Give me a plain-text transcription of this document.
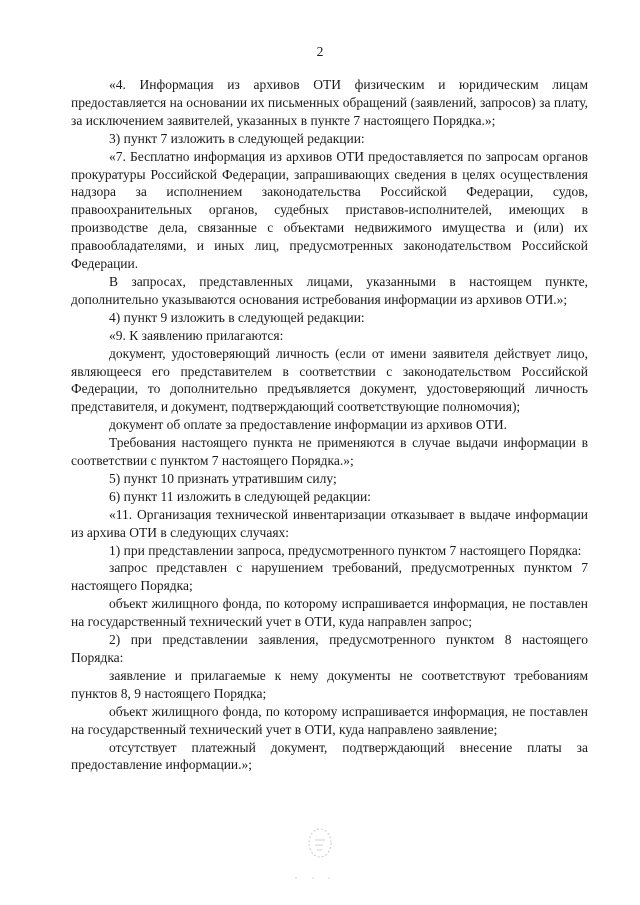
2

«4. Информация из архивов ОТИ физическим и юридическим лицам предоставляется на основании их письменных обращений (заявлений, запросов) за плату, за исключением заявителей, указанных в пункте 7 настоящего Порядка.»;

3) пункт 7 изложить в следующей редакции:

«7. Бесплатно информация из архивов ОТИ предоставляется по запросам органов прокуратуры Российской Федерации, запрашивающих сведения в целях осуществления надзора за исполнением законодательства Российской Федерации, судов, правоохранительных органов, судебных приставов-исполнителей, имеющих в производстве дела, связанные с объектами недвижимого имущества и (или) их правообладателями, и иных лиц, предусмотренных законодательством Российской Федерации.

В запросах, представленных лицами, указанными в настоящем пункте, дополнительно указываются основания истребования информации из архивов ОТИ.»;

4) пункт 9 изложить в следующей редакции:

«9. К заявлению прилагаются:

документ, удостоверяющий личность (если от имени заявителя действует лицо, являющееся его представителем в соответствии с законодательством Российской Федерации, то дополнительно предъявляется документ, удостоверяющий личность представителя, и документ, подтверждающий соответствующие полномочия);

документ об оплате за предоставление информации из архивов ОТИ.

Требования настоящего пункта не применяются в случае выдачи информации в соответствии с пунктом 7 настоящего Порядка.»;

5) пункт 10 признать утратившим силу;

6) пункт 11 изложить в следующей редакции:

«11. Организация технической инвентаризации отказывает в выдаче информации из архива ОТИ в следующих случаях:

1) при представлении запроса, предусмотренного пунктом 7 настоящего Порядка:

запрос представлен с нарушением требований, предусмотренных пунктом 7 настоящего Порядка;

объект жилищного фонда, по которому испрашивается информация, не поставлен на государственный технический учет в ОТИ, куда направлен запрос;

2) при представлении заявления, предусмотренного пунктом 8 настоящего Порядка:

заявление и прилагаемые к нему документы не соответствуют требованиям пунктов 8, 9 настоящего Порядка;

объект жилищного фонда, по которому испрашивается информация, не поставлен на государственный технический учет в ОТИ, куда направлено заявление;

отсутствует платежный документ, подтверждающий внесение платы за предоставление информации.»;
